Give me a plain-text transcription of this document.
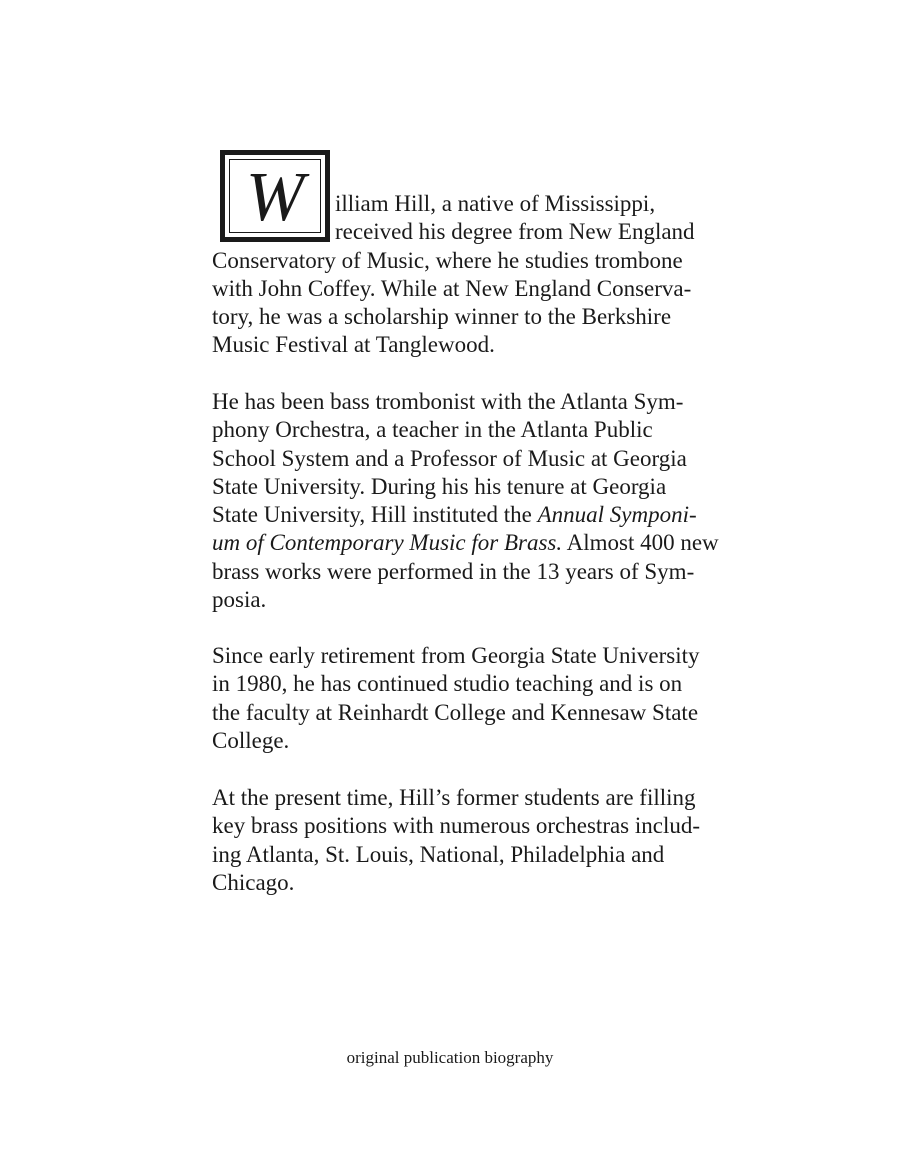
W	illiam Hill, a native of Mississippi,
received his degree from New England
Conservatory of Music, where he studies trombone
with John Coffey. While at New England Conserva-
tory, he was a scholarship winner to the Berkshire
Music Festival at Tanglewood.
He has been bass trombonist with the Atlanta Sym-
phony Orchestra, a teacher in the Atlanta Public
School System and a Professor of Music at Georgia
State University. During his his tenure at Georgia
State University, Hill instituted the Annual Symponi-
um of Contemporary Music for Brass. Almost 400 new
brass works were performed in the 13 years of Sym-
posia.
Since early retirement from Georgia State University
in 1980, he has continued studio teaching and is on
the faculty at Reinhardt College and Kennesaw State
College.
At the present time, Hill’s former students are filling
key brass positions with numerous orchestras includ-
ing Atlanta, St. Louis, National, Philadelphia and
Chicago.
original publication biography
